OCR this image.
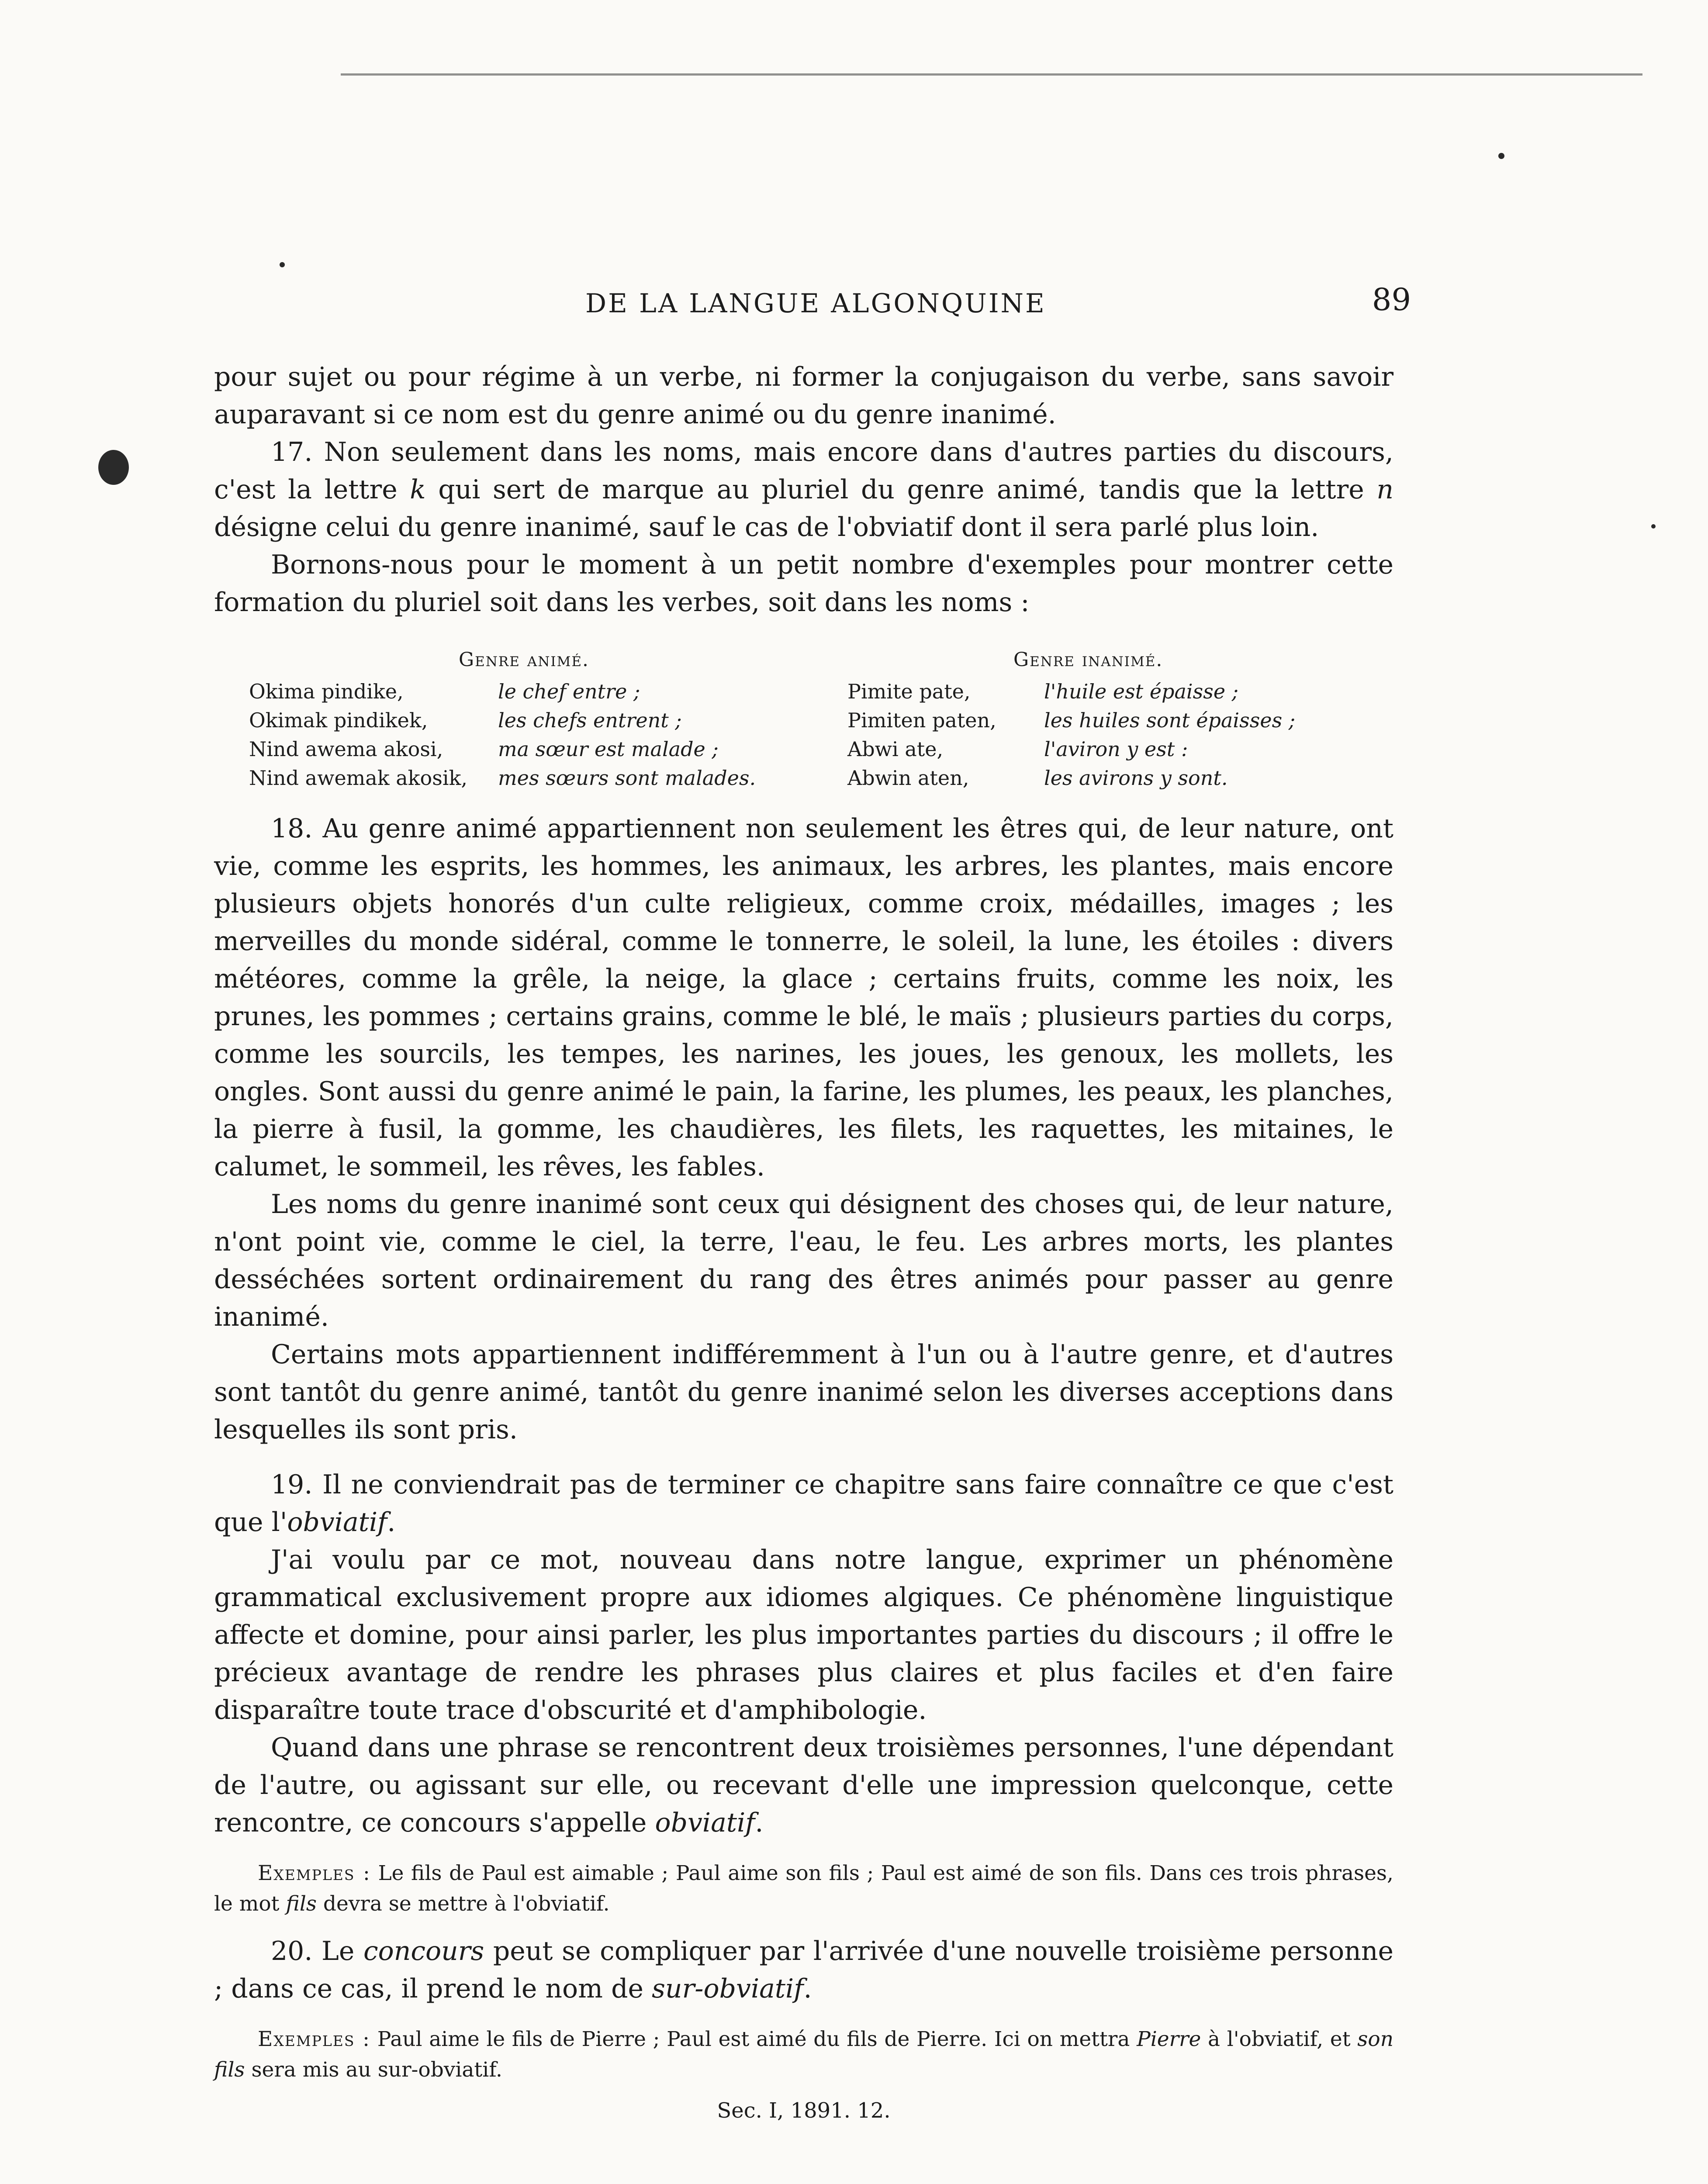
DE LA LANGUE ALGONQUINE	89

pour sujet ou pour régime à un verbe, ni former la conjugaison du verbe, sans savoir auparavant si ce nom est du genre animé ou du genre inanimé.

17. Non seulement dans les noms, mais encore dans d'autres parties du discours, c'est la lettre k qui sert de marque au pluriel du genre animé, tandis que la lettre n désigne celui du genre inanimé, sauf le cas de l'obviatif dont il sera parlé plus loin.

Bornons-nous pour le moment à un petit nombre d'exemples pour montrer cette formation du pluriel soit dans les verbes, soit dans les noms :

Genre animé.	Genre inanimé.
Okima pindike,	le chef entre ;	Pimite pate,	l'huile est épaisse ;
Okimak pindikek,	les chefs entrent ;	Pimiten paten,	les huiles sont épaisses ;
Nind awema akosi,	ma sœur est malade ;	Abwi ate,	l'aviron y est :
Nind awemak akosik,	mes sœurs sont malades.	Abwin aten,	les avirons y sont.

18. Au genre animé appartiennent non seulement les êtres qui, de leur nature, ont vie, comme les esprits, les hommes, les animaux, les arbres, les plantes, mais encore plusieurs objets honorés d'un culte religieux, comme croix, médailles, images ; les merveilles du monde sidéral, comme le tonnerre, le soleil, la lune, les étoiles : divers météores, comme la grêle, la neige, la glace ; certains fruits, comme les noix, les prunes, les pommes ; certains grains, comme le blé, le maïs ; plusieurs parties du corps, comme les sourcils, les tempes, les narines, les joues, les genoux, les mollets, les ongles. Sont aussi du genre animé le pain, la farine, les plumes, les peaux, les planches, la pierre à fusil, la gomme, les chaudières, les filets, les raquettes, les mitaines, le calumet, le sommeil, les rêves, les fables.

Les noms du genre inanimé sont ceux qui désignent des choses qui, de leur nature, n'ont point vie, comme le ciel, la terre, l'eau, le feu. Les arbres morts, les plantes desséchées sortent ordinairement du rang des êtres animés pour passer au genre inanimé.

Certains mots appartiennent indifféremment à l'un ou à l'autre genre, et d'autres sont tantôt du genre animé, tantôt du genre inanimé selon les diverses acceptions dans lesquelles ils sont pris.

19. Il ne conviendrait pas de terminer ce chapitre sans faire connaître ce que c'est que l'obviatif.

J'ai voulu par ce mot, nouveau dans notre langue, exprimer un phénomène grammatical exclusivement propre aux idiomes algiques. Ce phénomène linguistique affecte et domine, pour ainsi parler, les plus importantes parties du discours ; il offre le précieux avantage de rendre les phrases plus claires et plus faciles et d'en faire disparaître toute trace d'obscurité et d'amphibologie.

Quand dans une phrase se rencontrent deux troisièmes personnes, l'une dépendant de l'autre, ou agissant sur elle, ou recevant d'elle une impression quelconque, cette rencontre, ce concours s'appelle obviatif.

Exemples : Le fils de Paul est aimable ; Paul aime son fils ; Paul est aimé de son fils. Dans ces trois phrases, le mot fils devra se mettre à l'obviatif.

20. Le concours peut se compliquer par l'arrivée d'une nouvelle troisième personne ; dans ce cas, il prend le nom de sur-obviatif.

Exemples : Paul aime le fils de Pierre ; Paul est aimé du fils de Pierre. Ici on mettra Pierre à l'obviatif, et son fils sera mis au sur-obviatif.
Sec. I, 1891. 12.
